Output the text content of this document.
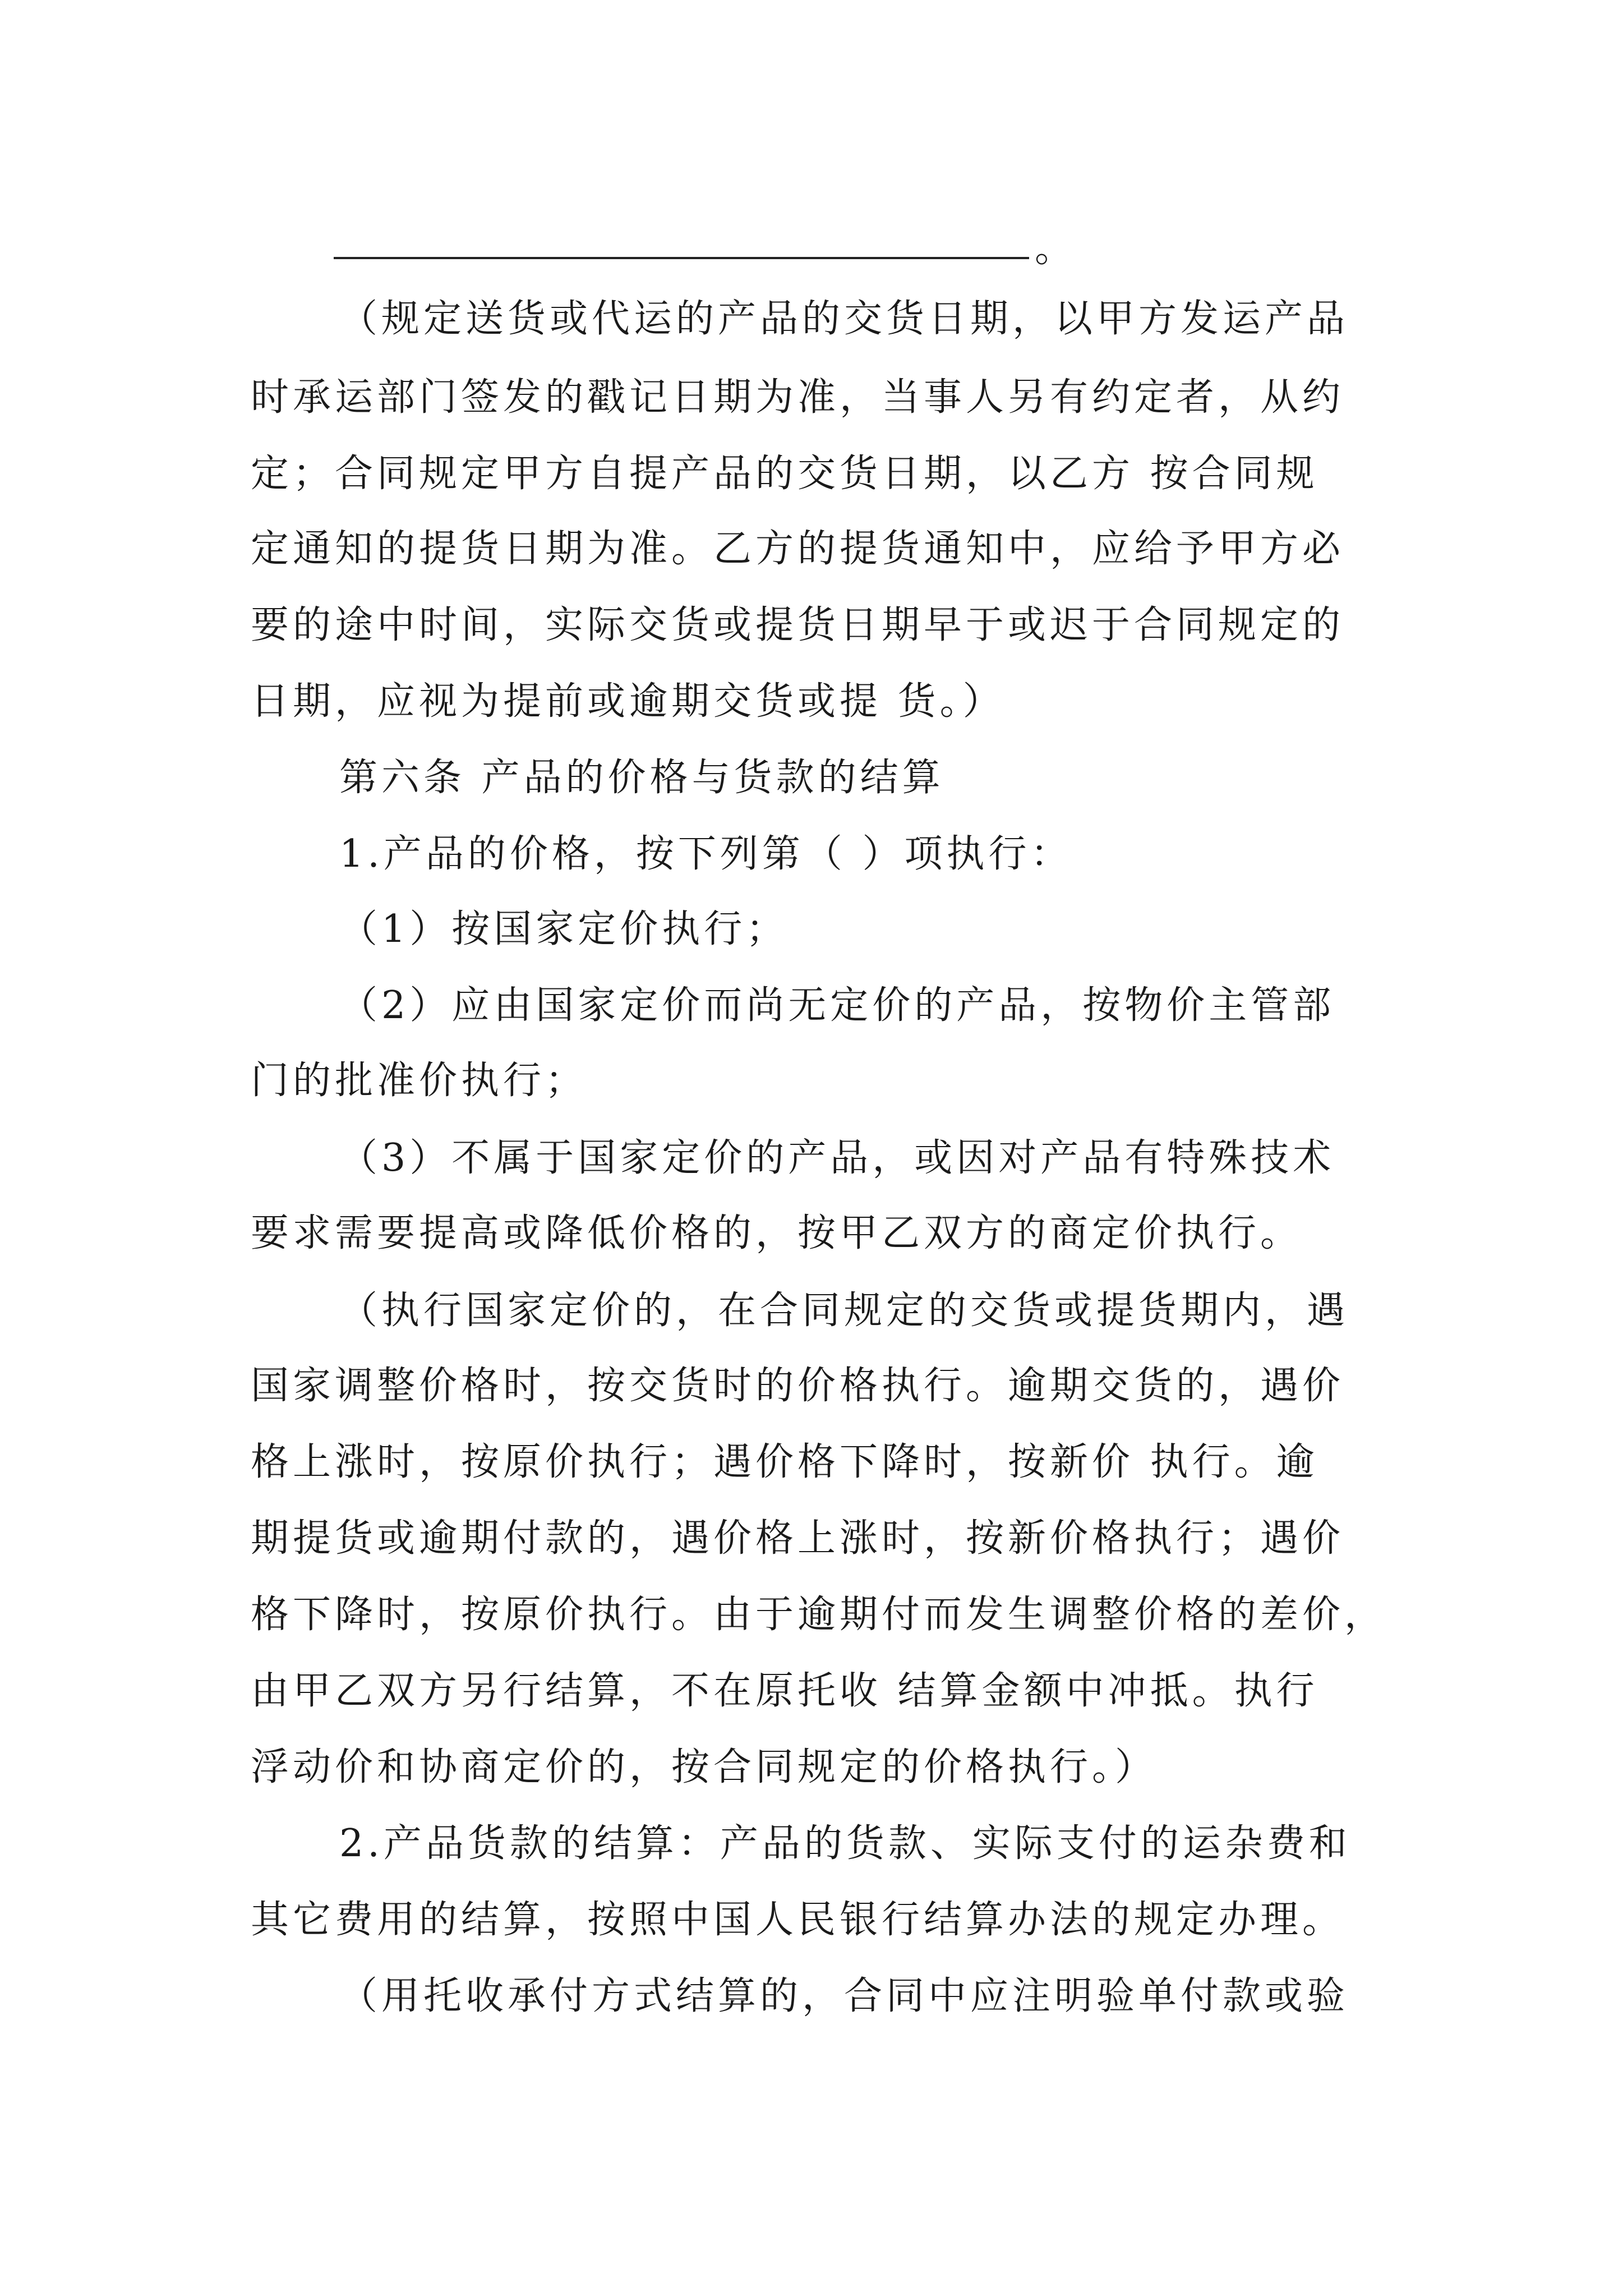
。
（规定送货或代运的产品的交货日期，以甲方发运产品
时承运部门签发的戳记日期为准，当事人另有约定者，从约
定；合同规定甲方自提产品的交货日期，以乙方 按合同规
定通知的提货日期为准。乙方的提货通知中，应给予甲方必
要的途中时间，实际交货或提货日期早于或迟于合同规定的
日期，应视为提前或逾期交货或提 货。）
第六条 产品的价格与货款的结算
1.产品的价格，按下列第（ ）项执行：
（1）按国家定价执行；
（2）应由国家定价而尚无定价的产品，按物价主管部
门的批准价执行；
（3）不属于国家定价的产品，或因对产品有特殊技术
要求需要提高或降低价格的，按甲乙双方的商定价执行。
（执行国家定价的，在合同规定的交货或提货期内，遇
国家调整价格时，按交货时的价格执行。逾期交货的，遇价
格上涨时，按原价执行；遇价格下降时，按新价 执行。逾
期提货或逾期付款的，遇价格上涨时，按新价格执行；遇价
格下降时，按原价执行。由于逾期付而发生调整价格的差价，
由甲乙双方另行结算，不在原托收 结算金额中冲抵。执行
浮动价和协商定价的，按合同规定的价格执行。）
2.产品货款的结算：产品的货款、实际支付的运杂费和
其它费用的结算，按照中国人民银行结算办法的规定办理。
（用托收承付方式结算的，合同中应注明验单付款或验
